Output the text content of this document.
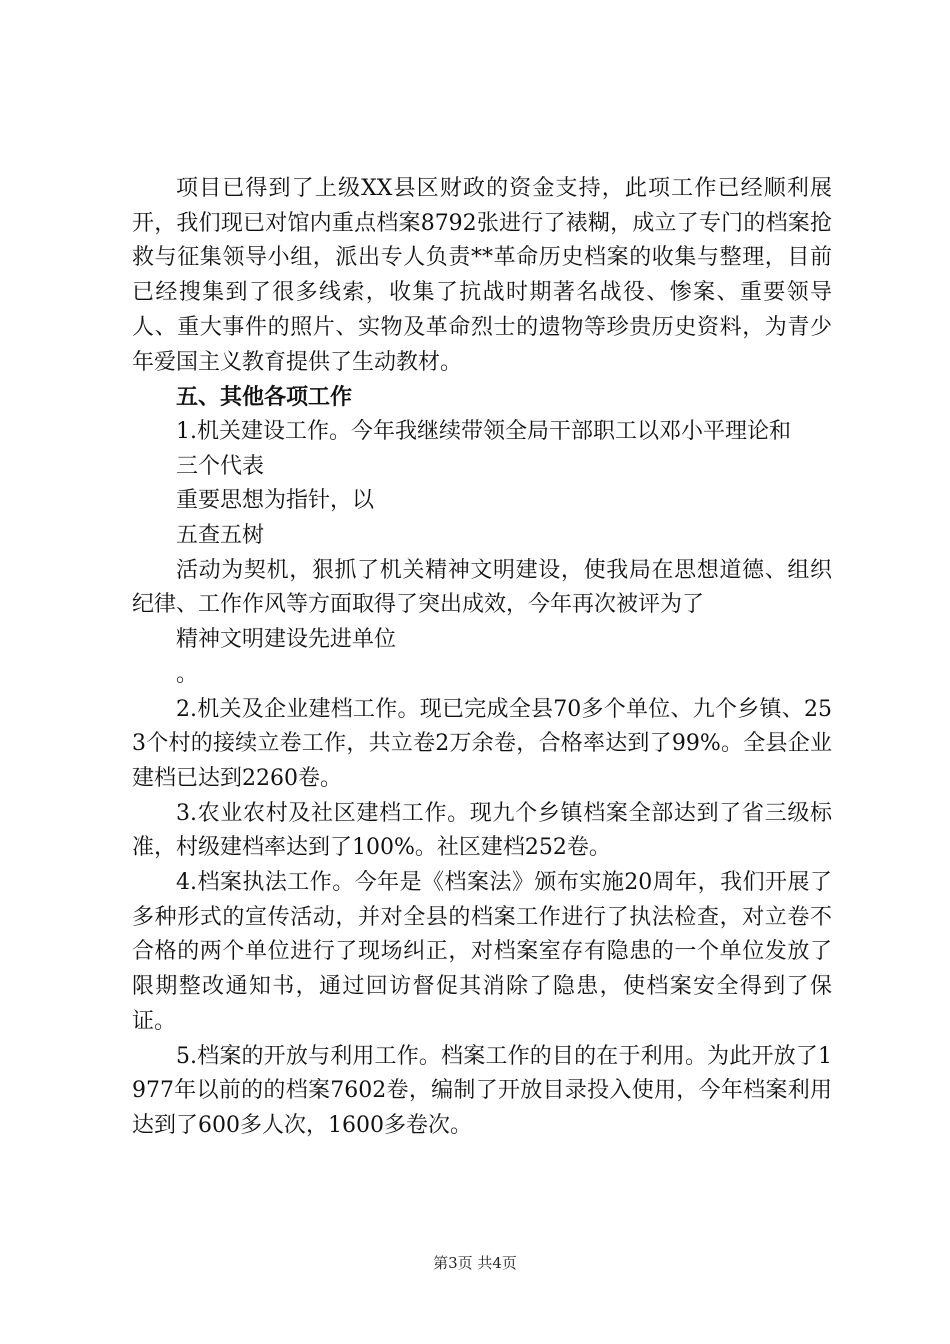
项目已得到了上级XX县区财政的资金支持，此项工作已经顺利展开，我们现已对馆内重点档案8792张进行了裱糊，成立了专门的档案抢救与征集领导小组，派出专人负责**革命历史档案的收集与整理，目前已经搜集到了很多线索，收集了抗战时期著名战役、惨案、重要领导人、重大事件的照片、实物及革命烈士的遗物等珍贵历史资料，为青少年爱国主义教育提供了生动教材。

五、其他各项工作

1.机关建设工作。今年我继续带领全局干部职工以邓小平理论和

三个代表

重要思想为指针，以

五查五树

活动为契机，狠抓了机关精神文明建设，使我局在思想道德、组织纪律、工作作风等方面取得了突出成效，今年再次被评为了

精神文明建设先进单位

。

2.机关及企业建档工作。现已完成全县70多个单位、九个乡镇、253个村的接续立卷工作，共立卷2万余卷，合格率达到了99%。全县企业建档已达到2260卷。

3.农业农村及社区建档工作。现九个乡镇档案全部达到了省三级标准，村级建档率达到了100%。社区建档252卷。

4.档案执法工作。今年是《档案法》颁布实施20周年，我们开展了多种形式的宣传活动，并对全县的档案工作进行了执法检查，对立卷不合格的两个单位进行了现场纠正，对档案室存有隐患的一个单位发放了限期整改通知书，通过回访督促其消除了隐患，使档案安全得到了保证。

5.档案的开放与利用工作。档案工作的目的在于利用。为此开放了1977年以前的的档案7602卷，编制了开放目录投入使用，今年档案利用达到了600多人次，1600多卷次。

第3页 共4页
